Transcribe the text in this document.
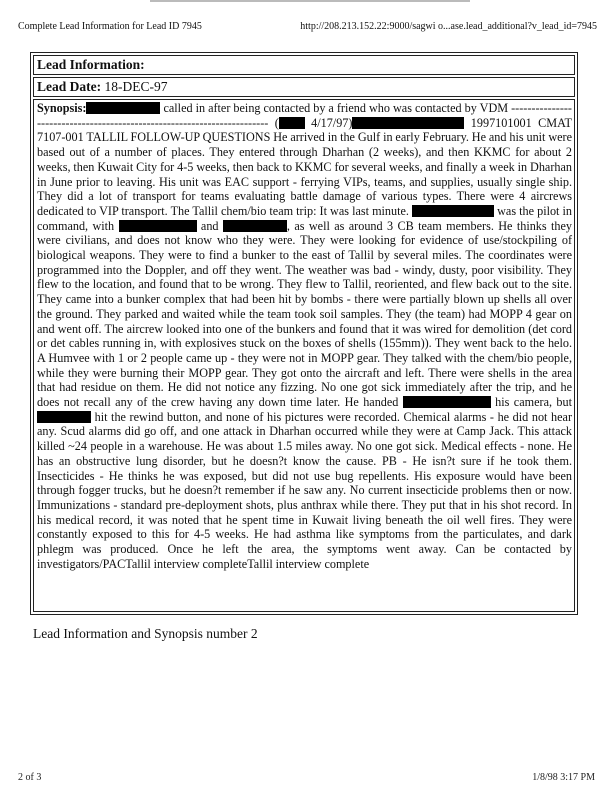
Complete Lead Information for Lead ID 7945	http://208.213.152.22:9000/sagwi o...ase.lead_additional?v_lead_id=7945
Lead Information:
Lead Date: 18-DEC-97

Synopsis:	called in after being contacted by a friend who was contacted by VDM ------------------------------------------------------------------------ ( 4/17/97)	1997101001 CMAT 7107-001 TALLIL FOLLOW-UP QUESTIONS He arrived in the Gulf in early February. He and his unit were based out of a number of places. They entered through Dharhan (2 weeks), and then KKMC for about 2 weeks, then Kuwait City for 4-5 weeks, then back to KKMC for several weeks, and finally a week in Dharhan in June prior to leaving. His unit was EAC support - ferrying VIPs, teams, and supplies, usually single ship. They did a lot of transport for teams evaluating battle damage of various types. There were 4 aircrews dedicated to VIP transport. The Tallil chem/bio team trip: It was last minute.	was the pilot in command, with	and	, as well as around 3 CB team members. He thinks they were civilians, and does not know who they were. They were looking for evidence of use/stockpiling of biological weapons. They were to find a bunker to the east of Tallil by several miles. The coordinates were programmed into the Doppler, and off they went. The weather was bad - windy, dusty, poor visibility. They flew to the location, and found that to be wrong. They flew to Tallil, reoriented, and flew back out to the site. They came into a bunker complex that had been hit by bombs - there were partially blown up shells all over the ground. They parked and waited while the team took soil samples. They (the team) had MOPP 4 gear on and went off. The aircrew looked into one of the bunkers and found that it was wired for demolition (det cord or det cables running in, with explosives stuck on the boxes of shells (155mm)). They went back to the helo. A Humvee with 1 or 2 people came up - they were not in MOPP gear. They talked with the chem/bio people, while they were burning their MOPP gear. They got onto the aircraft and left. There were shells in the area that had residue on them. He did not notice any fizzing. No one got sick immediately after the trip, and he does not recall any of the crew having any down time later. He handed	his camera, but  hit the rewind button, and none of his pictures were recorded. Chemical alarms - he did not hear any. Scud alarms did go off, and one attack in Dharhan occurred while they were at Camp Jack. This attack killed ~24 people in a warehouse. He was about 1.5 miles away. No one got sick. Medical effects - none. He has an obstructive lung disorder, but he doesn?t know the cause. PB - He isn?t sure if he took them. Insecticides - He thinks he was exposed, but did not use bug repellents. His exposure would have been through fogger trucks, but he doesn?t remember if he saw any. No current insecticide problems then or now. Immunizations - standard pre-deployment shots, plus anthrax while there. They put that in his shot record. In his medical record, it was noted that he spent time in Kuwait living beneath the oil well fires. They were constantly exposed to this for 4-5 weeks. He had asthma like symptoms from the particulates, and dark phlegm was produced. Once he left the area, the symptoms went away. Can be contacted by investigators/PACTallil interview completeTallil interview complete

Lead Information and Synopsis number 2
2 of 3	1/8/98 3:17 PM
